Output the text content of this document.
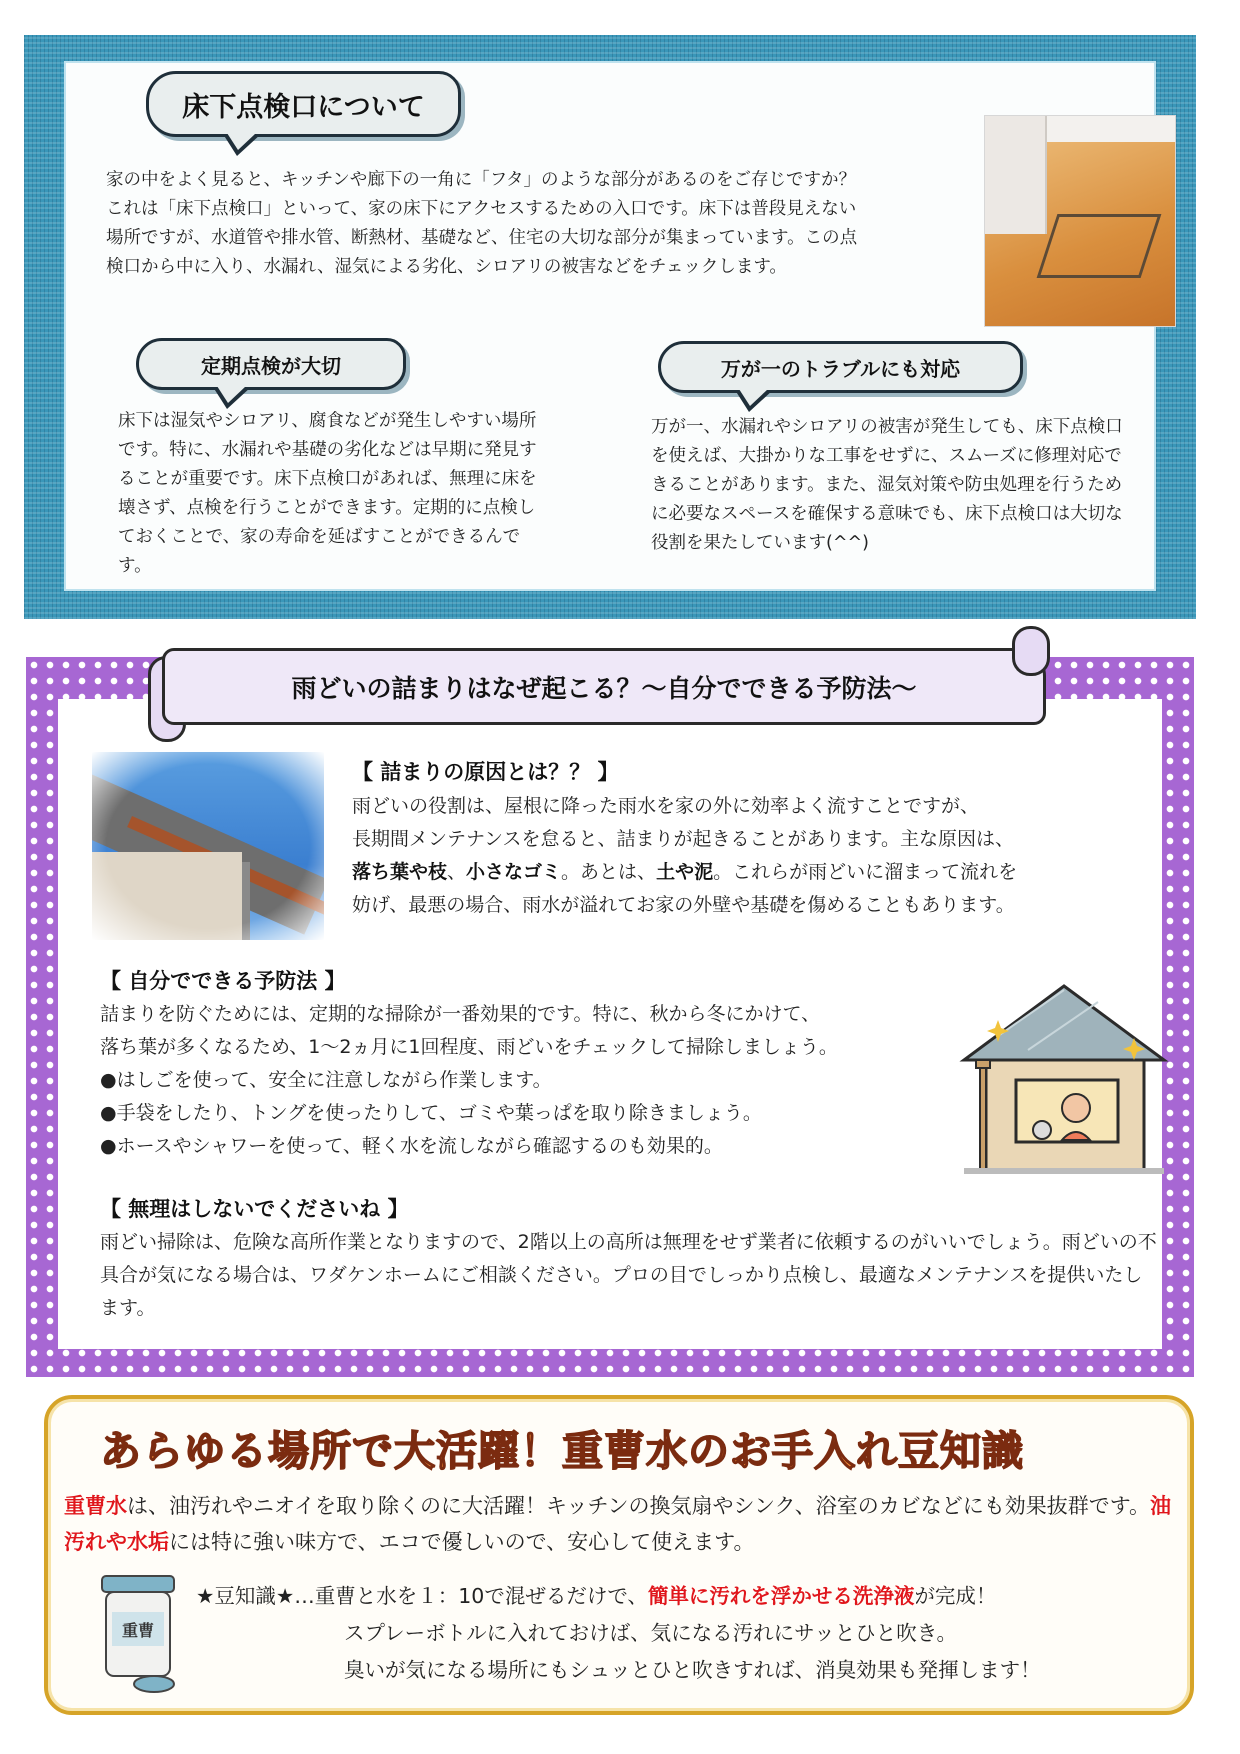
床下点検口について

家の中をよく見ると、キッチンや廊下の一角に「フタ」のような部分があるのをご存じですか？これは「床下点検口」といって、家の床下にアクセスするための入口です。床下は普段見えない場所ですが、水道管や排水管、断熱材、基礎など、住宅の大切な部分が集まっています。この点検口から中に入り、水漏れ、湿気による劣化、シロアリの被害などをチェックします。

定期点検が大切

床下は湿気やシロアリ、腐食などが発生しやすい場所です。特に、水漏れや基礎の劣化などは早期に発見することが重要です。床下点検口があれば、無理に床を壊さず、点検を行うことができます。定期的に点検しておくことで、家の寿命を延ばすことができるんです。

万が一のトラブルにも対応

万が一、水漏れやシロアリの被害が発生しても、床下点検口を使えば、大掛かりな工事をせずに、スムーズに修理対応できることがあります。また、湿気対策や防虫処理を行うために必要なスペースを確保する意味でも、床下点検口は大切な役割を果たしています(^^)

雨どいの詰まりはなぜ起こる？～自分でできる予防法～
【 詰まりの原因とは？？ 】
雨どいの役割は、屋根に降った雨水を家の外に効率よく流すことですが、
長期間メンテナンスを怠ると、詰まりが起きることがあります。主な原因は、
落ち葉や枝、小さなゴミ。あとは、土や泥。これらが雨どいに溜まって流れを
妨げ、最悪の場合、雨水が溢れてお家の外壁や基礎を傷めることもあります。
【 自分でできる予防法 】
詰まりを防ぐためには、定期的な掃除が一番効果的です。特に、秋から冬にかけて、
落ち葉が多くなるため、1～2ヵ月に1回程度、雨どいをチェックして掃除しましょう。
●はしごを使って、安全に注意しながら作業します。
●手袋をしたり、トングを使ったりして、ゴミや葉っぱを取り除きましょう。
●ホースやシャワーを使って、軽く水を流しながら確認するのも効果的。
【 無理はしないでくださいね 】
雨どい掃除は、危険な高所作業となりますので、2階以上の高所は無理をせず業者に依頼するのがいいでしょう。雨どいの不具合が気になる場合は、ワダケンホームにご相談ください。プロの目でしっかり点検し、最適なメンテナンスを提供いたします。
あらゆる場所で大活躍！重曹水のお手入れ豆知識
重曹水は、油汚れやニオイを取り除くのに大活躍！キッチンの換気扇やシンク、浴室のカビなどにも効果抜群です。油汚れや水垢には特に強い味方で、エコで優しいので、安心して使えます。
重曹
★豆知識★…重曹と水を１：10で混ぜるだけで、簡単に汚れを浮かせる洗浄液が完成！
スプレーボトルに入れておけば、気になる汚れにサッとひと吹き。
臭いが気になる場所にもシュッとひと吹きすれば、消臭効果も発揮します！
